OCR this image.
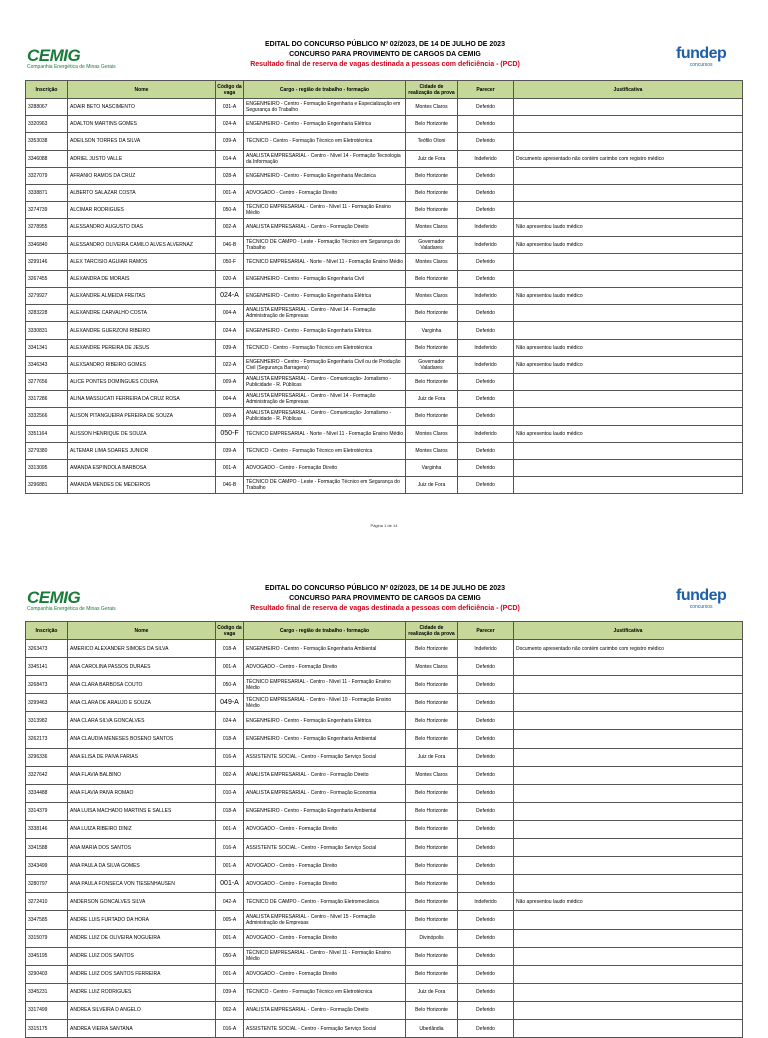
CEMIG
Companhia Energética de Minas Gerais
EDITAL DO CONCURSO PÚBLICO Nº 02/2023, DE 14 DE JULHO DE 2023
CONCURSO PARA PROVIMENTO DE CARGOS DA CEMIG
Resultado final de reserva de vagas destinada a pessoas com deficiência - (PCD)
fundep
concursos
Inscrição	Nome	Código da vaga	Cargo - região de trabalho - formação	Cidade de realização da prova	Parecer	Justificativa
3288067	ADAIR BETO NASCIMENTO	031-A	ENGENHEIRO - Centro - Formação Engenharia e Especialização em Segurança do Trabalho	Montes Claros	Deferido	
3320963	ADALTON MARTINS GOMES	024-A	ENGENHEIRO - Centro - Formação Engenharia Elétrica	Belo Horizonte	Deferido	
3353038	ADEILSON TORRES DA SILVA	039-A	TÉCNICO - Centro - Formação Técnico em Eletrotécnica	Teófilo Otoni	Deferido	
3346088	ADRIEL JUSTO VALLE	014-A	ANALISTA EMPRESARIAL - Centro - Nível 14 - Formação Tecnologia da Informação	Juiz de Fora	Indeferido	Documento apresentado não contém carimbo com registro médico
3327079	AFRANIO RAMOS DA CRUZ	028-A	ENGENHEIRO - Centro - Formação Engenharia Mecânica	Belo Horizonte	Deferido	
3338871	ALBERTO SALAZAR COSTA	001-A	ADVOGADO - Centro - Formação Direito	Belo Horizonte	Deferido	
3274739	ALCIMAR RODRIGUES	050-A	TÉCNICO EMPRESARIAL - Centro - Nível 11 - Formação Ensino Médio	Belo Horizonte	Deferido	
3278955	ALESSANDRO AUGUSTO DIAS	002-A	ANALISTA EMPRESARIAL - Centro - Formação Direito	Montes Claros	Indeferido	Não apresentou laudo médico
3346840	ALESSANDRO OLIVEIRA CAMILO ALVES ALVERNAZ	046-B	TÉCNICO DE CAMPO - Leste - Formação Técnico em Segurança do Trabalho	Governador Valadares	Indeferido	Não apresentou laudo médico
3299146	ALEX TARCISIO AGUIAR RAMOS	050-F	TÉCNICO EMPRESARIAL - Norte - Nível 11 - Formação Ensino Médio	Montes Claros	Deferido	
3267455	ALEXANDRA DE MORAIS	020-A	ENGENHEIRO - Centro - Formação Engenharia Civil	Belo Horizonte	Deferido	
3279927	ALEXANDRE ALMEIDA FREITAS	024-A	ENGENHEIRO - Centro - Formação Engenharia Elétrica	Montes Claros	Indeferido	Não apresentou laudo médico
3283228	ALEXANDRE CARVALHO COSTA	004-A	ANALISTA EMPRESARIAL - Centro - Nível 14 - Formação Administração de Empresas	Belo Horizonte	Deferido	
3330831	ALEXANDRE GUERZONI RIBEIRO	024-A	ENGENHEIRO - Centro - Formação Engenharia Elétrica	Varginha	Deferido	
3341341	ALEXANDRE PEREIRA DE JESUS	039-A	TÉCNICO - Centro - Formação Técnico em Eletrotécnica	Belo Horizonte	Indeferido	Não apresentou laudo médico
3346343	ALEXSANDRO RIBEIRO GOMES	022-A	ENGENHEIRO - Centro - Formação Engenharia Civil ou de Produção Civil (Segurança Barragens)	Governador Valadares	Indeferido	Não apresentou laudo médico
3277656	ALICE PONTES DOMINGUES COURA	009-A	ANALISTA EMPRESARIAL - Centro - Comunicação- Jornalismo - Publicidade - R. Públicas	Belo Horizonte	Deferido	
3317286	ALINA MASSUCATI FERREIRA DA CRUZ ROSA	004-A	ANALISTA EMPRESARIAL - Centro - Nível 14 - Formação Administração de Empresas	Juiz de Fora	Deferido	
3332566	ALISON PITANGUEIRA PEREIRA DE SOUZA	009-A	ANALISTA EMPRESARIAL - Centro - Comunicação- Jornalismo - Publicidade - R. Públicas	Belo Horizonte	Deferido	
3351164	ALISSON HENRIQUE DE SOUZA	050-F	TÉCNICO EMPRESARIAL - Norte - Nível 11 - Formação Ensino Médio	Montes Claros	Indeferido	Não apresentou laudo médico
3279380	ALTEMAR LIMA SOARES JUNIOR	039-A	TÉCNICO - Centro - Formação Técnico em Eletrotécnica	Montes Claros	Deferido	
3313095	AMANDA ESPINDOLA BARBOSA	001-A	ADVOGADO - Centro - Formação Direito	Varginha	Deferido	
3296881	AMANDA MENDES DE MEDEIROS	046-B	TÉCNICO DE CAMPO - Leste - Formação Técnico em Segurança do Trabalho	Juiz de Fora	Deferido	
Página 1 de 14
CEMIG
Companhia Energética de Minas Gerais
EDITAL DO CONCURSO PÚBLICO Nº 02/2023, DE 14 DE JULHO DE 2023
CONCURSO PARA PROVIMENTO DE CARGOS DA CEMIG
Resultado final de reserva de vagas destinada a pessoas com deficiência - (PCD)
fundep
concursos
Inscrição	Nome	Código da vaga	Cargo - região de trabalho - formação	Cidade de realização da prova	Parecer	Justificativa
3263473	AMERICO ALEXANDER SIMOES DA SILVA	018-A	ENGENHEIRO - Centro - Formação Engenharia Ambiental	Belo Horizonte	Indeferido	Documento apresentado não contém carimbo com registro médico
3345141	ANA CAROLINA PASSOS DURAES	001-A	ADVOGADO - Centro - Formação Direito	Montes Claros	Deferido	
3268473	ANA CLARA BARBOSA COUTO	050-A	TÉCNICO EMPRESARIAL - Centro - Nível 11 - Formação Ensino Médio	Belo Horizonte	Deferido	
3299463	ANA CLARA DE ARAUJO E SOUZA	049-A	TÉCNICO EMPRESARIAL - Centro - Nível 10 - Formação Ensino Médio	Belo Horizonte	Deferido	
3313982	ANA CLARA SILVA GONCALVES	024-A	ENGENHEIRO - Centro - Formação Engenharia Elétrica	Belo Horizonte	Deferido	
3262173	ANA CLAUDIA MENESES BOSENO SANTOS	018-A	ENGENHEIRO - Centro - Formação Engenharia Ambiental	Belo Horizonte	Deferido	
3296336	ANA ELISA DE PAIVA FARIAS	016-A	ASSISTENTE SOCIAL - Centro - Formação Serviço Social	Juiz de Fora	Deferido	
3327642	ANA FLAVIA BALBINO	002-A	ANALISTA EMPRESARIAL - Centro - Formação Direito	Montes Claros	Deferido	
3334488	ANA FLAVIA PAIVA ROMAO	010-A	ANALISTA EMPRESARIAL - Centro - Formação Economia	Belo Horizonte	Deferido	
3314379	ANA LUISA MACHADO MARTINS E SALLES	018-A	ENGENHEIRO - Centro - Formação Engenharia Ambiental	Belo Horizonte	Deferido	
3338146	ANA LUIZA RIBEIRO DINIZ	001-A	ADVOGADO - Centro - Formação Direito	Belo Horizonte	Deferido	
3341588	ANA MARIA DOS SANTOS	016-A	ASSISTENTE SOCIAL - Centro - Formação Serviço Social	Belo Horizonte	Deferido	
3343499	ANA PAULA DA SILVA GOMES	001-A	ADVOGADO - Centro - Formação Direito	Belo Horizonte	Deferido	
3280797	ANA PAULA FONSECA VON TIESENHAUSEN	001-A	ADVOGADO - Centro - Formação Direito	Belo Horizonte	Deferido	
3272410	ANDERSON GONCALVES SILVA	042-A	TÉCNICO DE CAMPO - Centro - Formação Eletromecânica	Belo Horizonte	Indeferido	Não apresentou laudo médico
3347585	ANDRE LUIS FURTADO DA HORA	005-A	ANALISTA EMPRESARIAL - Centro - Nível 15 - Formação Administração de Empresas	Belo Horizonte	Deferido	
3315079	ANDRE LUIZ DE OLIVEIRA NOGUEIRA	001-A	ADVOGADO - Centro - Formação Direito	Divinópolis	Deferido	
3345195	ANDRE LUIZ DOS SANTOS	050-A	TÉCNICO EMPRESARIAL - Centro - Nível 11 - Formação Ensino Médio	Belo Horizonte	Deferido	
3290403	ANDRE LUIZ DOS SANTOS FERREIRA	001-A	ADVOGADO - Centro - Formação Direito	Belo Horizonte	Deferido	
3345231	ANDRE LUIZ RODRIGUES	039-A	TÉCNICO - Centro - Formação Técnico em Eletrotécnica	Juiz de Fora	Deferido	
3317499	ANDREA SILVEIRA D ANGELO	002-A	ANALISTA EMPRESARIAL - Centro - Formação Direito	Belo Horizonte	Deferido	
3315175	ANDREA VIEIRA SANTANA	016-A	ASSISTENTE SOCIAL - Centro - Formação Serviço Social	Uberlândia	Deferido	
